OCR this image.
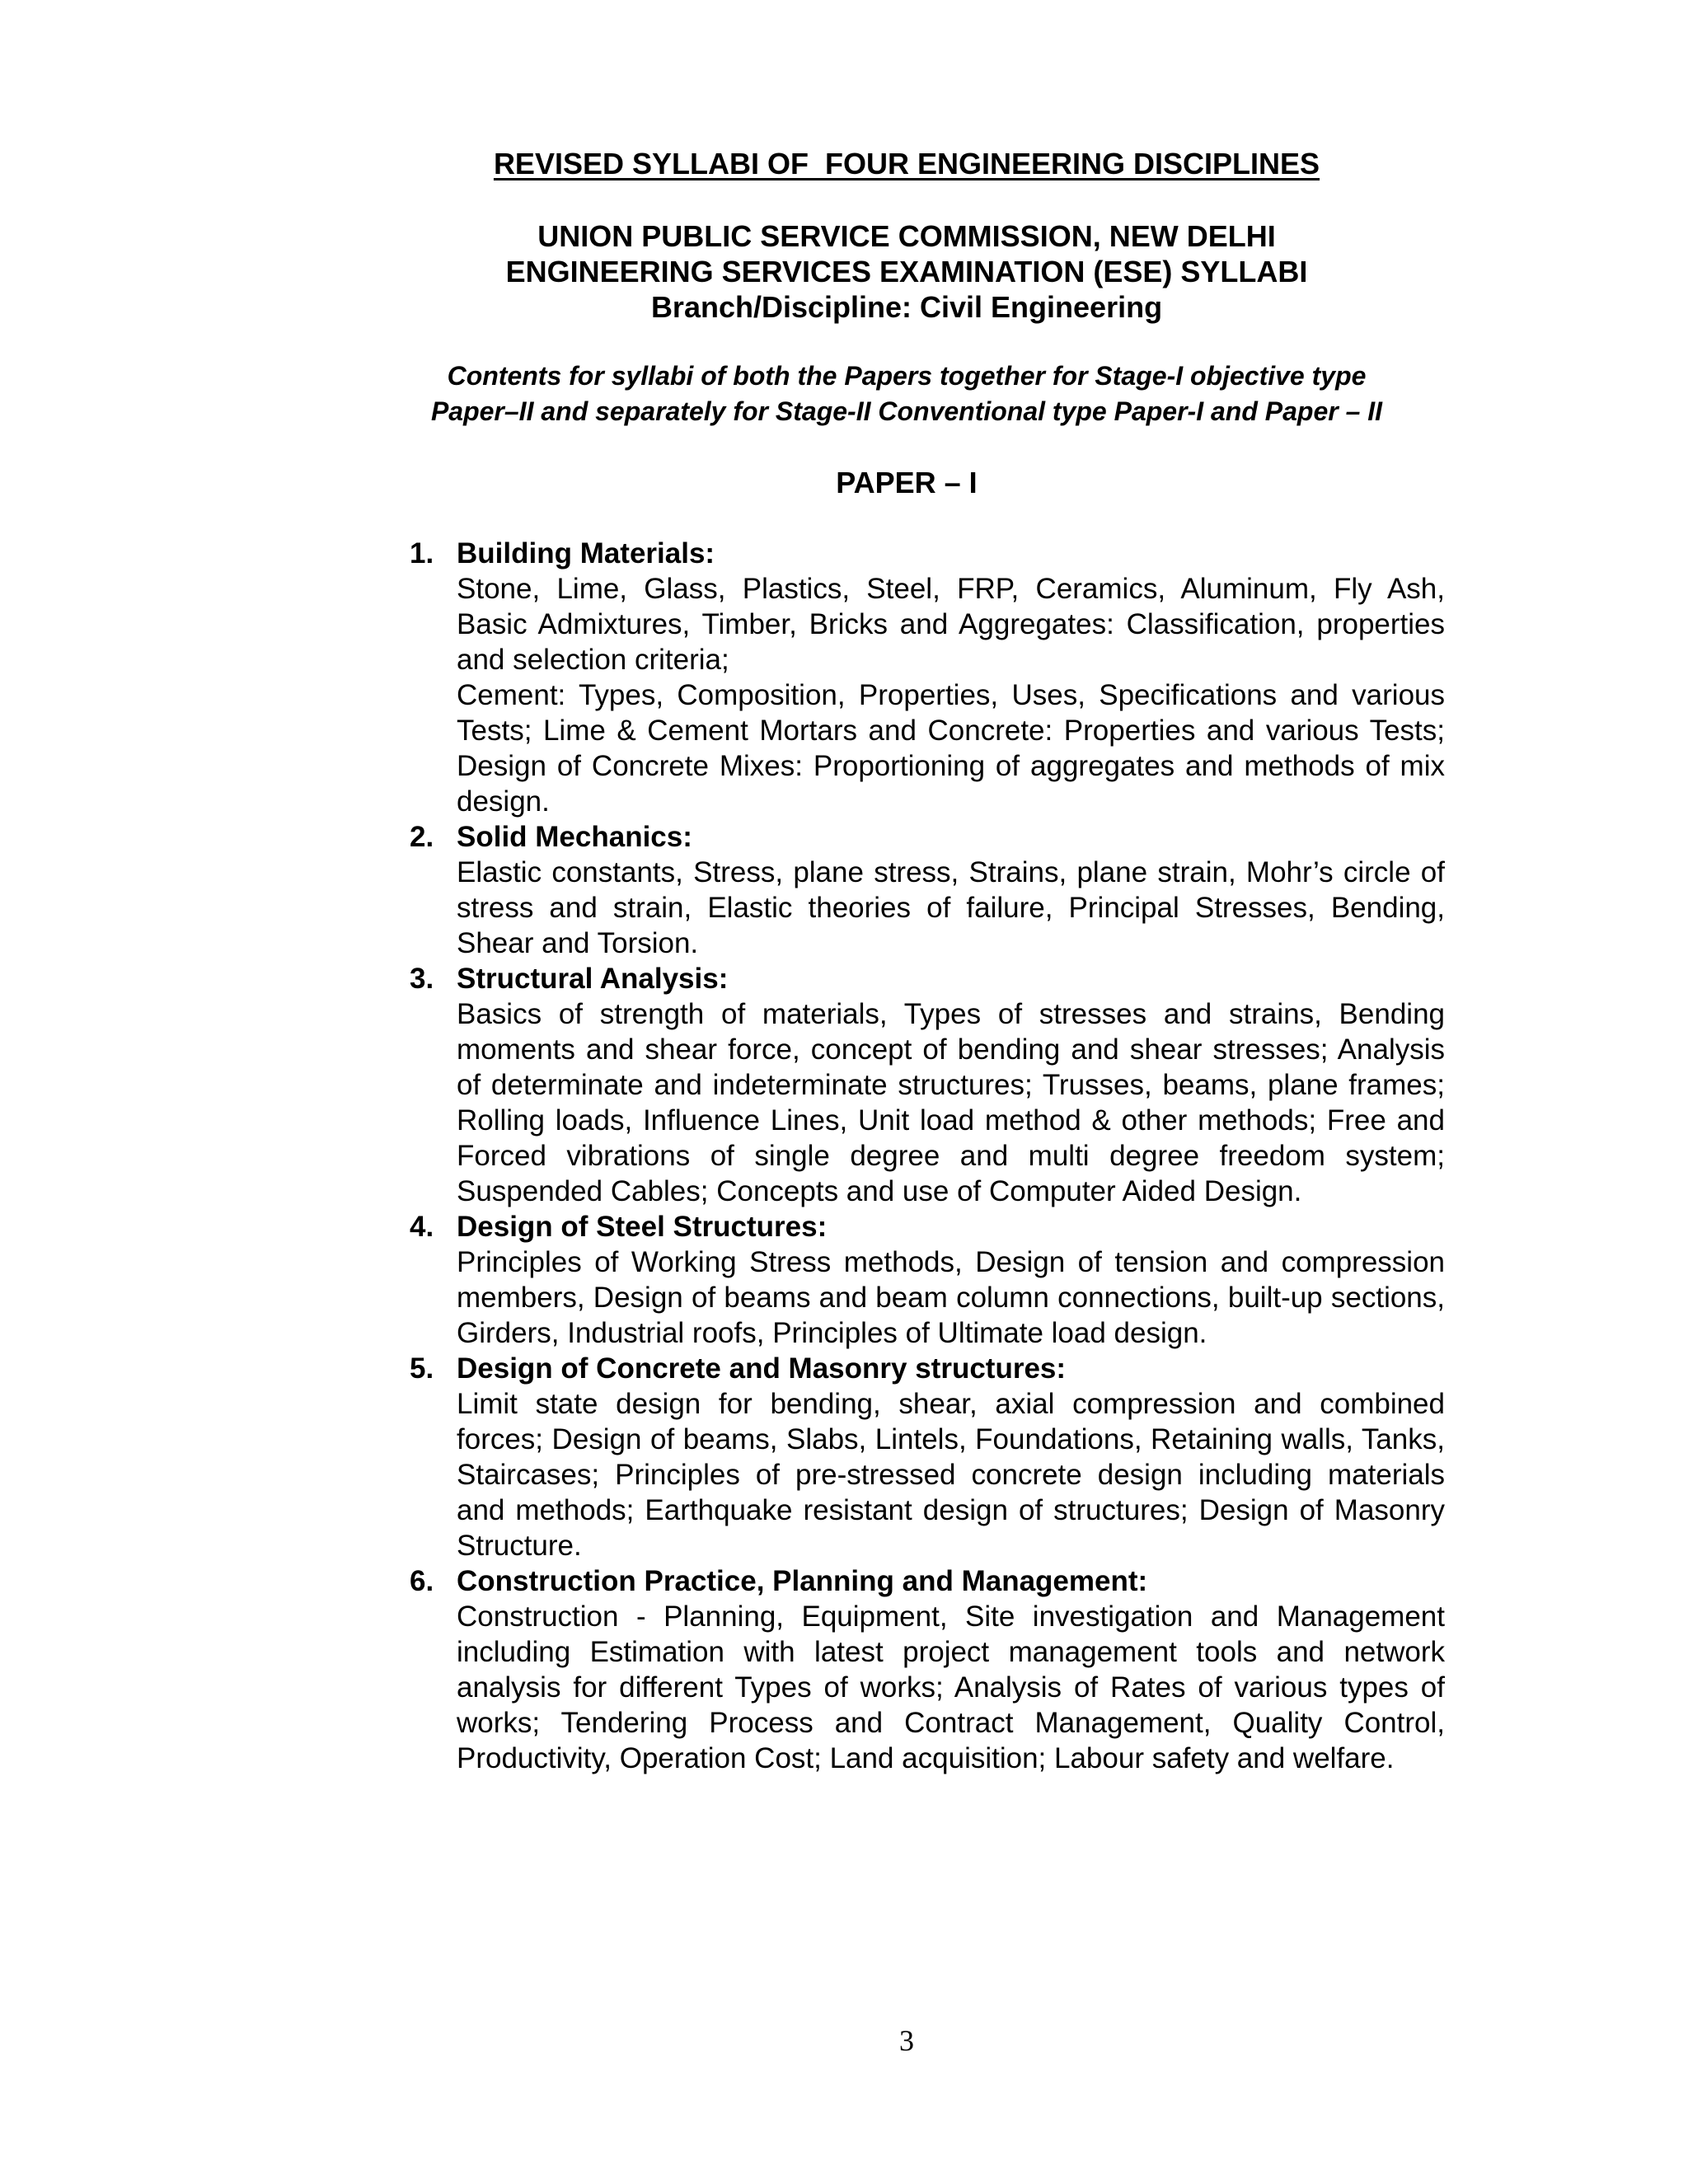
REVISED SYLLABI OF  FOUR ENGINEERING DISCIPLINES
UNION PUBLIC SERVICE COMMISSION, NEW DELHI
ENGINEERING SERVICES EXAMINATION (ESE) SYLLABI
Branch/Discipline: Civil Engineering
Contents for syllabi of both the Papers together for Stage-I objective type
Paper–II and separately for Stage-II Conventional type Paper-I and Paper – II
PAPER – I
1. Building Materials:

Stone, Lime, Glass, Plastics, Steel, FRP, Ceramics, Aluminum, Fly Ash, Basic Admixtures, Timber, Bricks and Aggregates: Classification, properties and selection criteria;

Cement: Types, Composition, Properties, Uses, Specifications and various Tests; Lime & Cement Mortars and Concrete: Properties and various Tests; Design of Concrete Mixes: Proportioning of aggregates and methods of mix design.

2. Solid Mechanics:

Elastic constants, Stress, plane stress, Strains, plane strain, Mohr’s circle of stress and strain, Elastic theories of failure, Principal Stresses, Bending, Shear and Torsion.

3. Structural Analysis:

Basics of strength of materials, Types of stresses and strains, Bending moments and shear force, concept of bending and shear stresses; Analysis of determinate and indeterminate structures; Trusses, beams, plane frames; Rolling loads, Influence Lines, Unit load method & other methods; Free and Forced vibrations of single degree and multi degree freedom system; Suspended Cables; Concepts and use of Computer Aided Design.

4. Design of Steel Structures:

Principles of Working Stress methods, Design of tension and compression members, Design of beams and beam column connections, built-up sections, Girders, Industrial roofs, Principles of Ultimate load design.

5. Design of Concrete and Masonry structures:

Limit state design for bending, shear, axial compression and combined forces; Design of beams, Slabs, Lintels, Foundations, Retaining walls, Tanks, Staircases; Principles of pre-stressed concrete design including materials and methods; Earthquake resistant design of structures; Design of Masonry Structure.

6. Construction Practice, Planning and Management:

Construction - Planning, Equipment, Site investigation and Management including Estimation with latest project management tools and network analysis for different Types of works; Analysis of Rates of various types of works; Tendering Process and Contract Management, Quality Control, Productivity, Operation Cost; Land acquisition; Labour safety and welfare.

3
